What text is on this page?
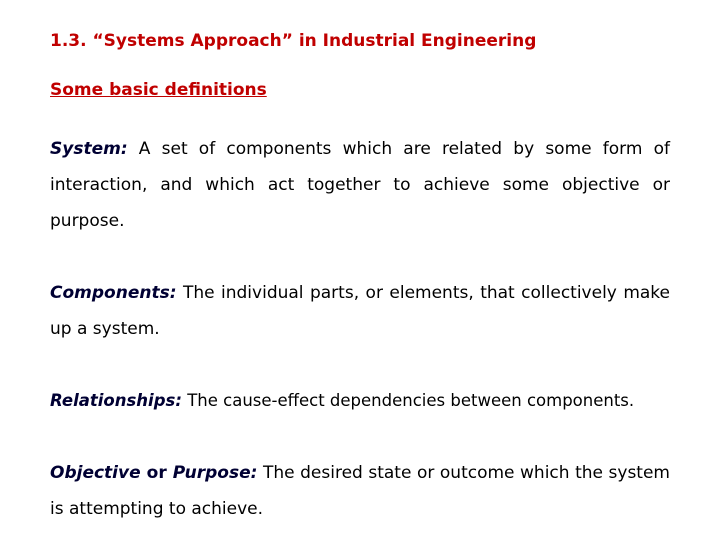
1.3. “Systems Approach” in Industrial Engineering
Some basic definitions
System: A set of components which are related by some form of interaction, and which act together to achieve some objective or purpose.
Components: The individual parts, or elements, that collectively make up a system.
Relationships: The cause-effect dependencies between components.
Objective or Purpose: The desired state or outcome which the system is attempting to achieve.
